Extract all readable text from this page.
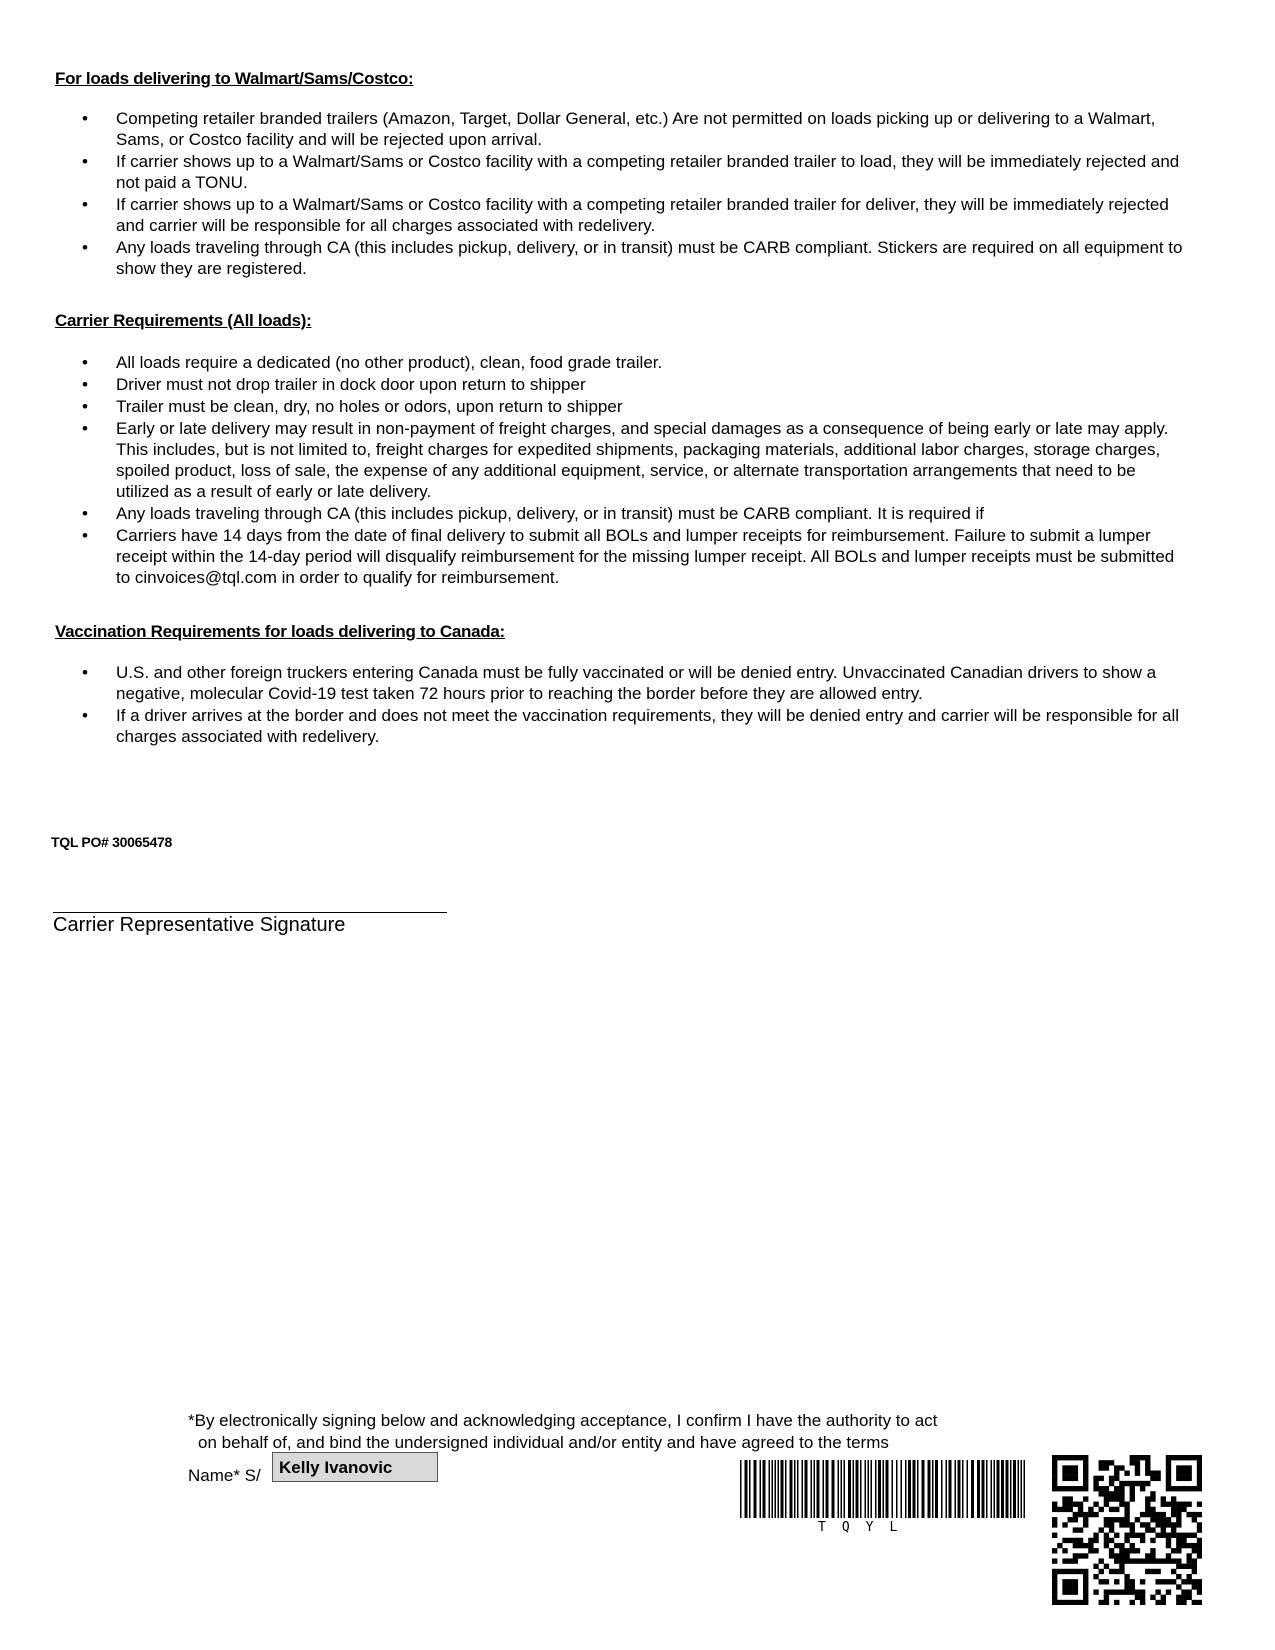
For loads delivering to Walmart/Sams/Costco:
• Competing retailer branded trailers (Amazon, Target, Dollar General, etc.) Are not permitted on loads picking up or delivering to a Walmart, Sams, or Costco facility and will be rejected upon arrival.
• If carrier shows up to a Walmart/Sams or Costco facility with a competing retailer branded trailer to load, they will be immediately rejected and not paid a TONU.
• If carrier shows up to a Walmart/Sams or Costco facility with a competing retailer branded trailer for deliver, they will be immediately rejected and carrier will be responsible for all charges associated with redelivery.
• Any loads traveling through CA (this includes pickup, delivery, or in transit) must be CARB compliant. Stickers are required on all equipment to show they are registered.
Carrier Requirements (All loads):
• All loads require a dedicated (no other product), clean, food grade trailer.
• Driver must not drop trailer in dock door upon return to shipper
• Trailer must be clean, dry, no holes or odors, upon return to shipper
• Early or late delivery may result in non-payment of freight charges, and special damages as a consequence of being early or late may apply. This includes, but is not limited to, freight charges for expedited shipments, packaging materials, additional labor charges, storage charges, spoiled product, loss of sale, the expense of any additional equipment, service, or alternate transportation arrangements that need to be utilized as a result of early or late delivery.
• Any loads traveling through CA (this includes pickup, delivery, or in transit) must be CARB compliant. It is required if
• Carriers have 14 days from the date of final delivery to submit all BOLs and lumper receipts for reimbursement. Failure to submit a lumper receipt within the 14-day period will disqualify reimbursement for the missing lumper receipt. All BOLs and lumper receipts must be submitted to cinvoices@tql.com in order to qualify for reimbursement.
Vaccination Requirements for loads delivering to Canada:
• U.S. and other foreign truckers entering Canada must be fully vaccinated or will be denied entry. Unvaccinated Canadian drivers to show a negative, molecular Covid-19 test taken 72 hours prior to reaching the border before they are allowed entry.
• If a driver arrives at the border and does not meet the vaccination requirements, they will be denied entry and carrier will be responsible for all charges associated with redelivery.
TQL PO# 30065478
Carrier Representative Signature
*By electronically signing below and acknowledging acceptance, I confirm I have the authority to act
on behalf of, and bind the undersigned individual and/or entity and have agreed to the terms
Name* S/	Kelly Ivanovic
TQYL
